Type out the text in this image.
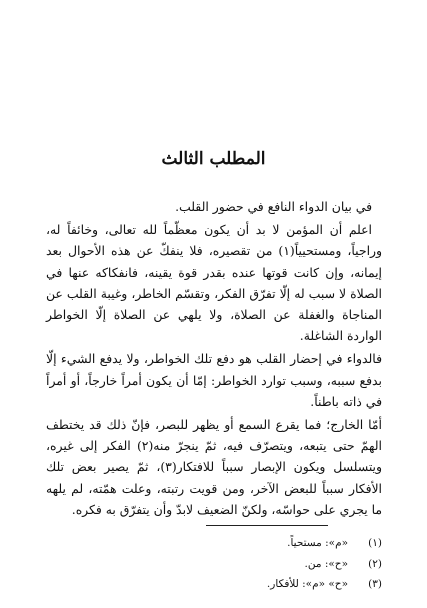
المطلب الثالث

في بيان الدواء النافع في حضور القلب.

اعلم أن المؤمن لا بد أن يكون معظّماً لله تعالى، وخائفاً له، وراجياً، ومستحيياً(١) من تقصيره، فلا ينفكّ عن هذه الأحوال بعد إيمانه، وإن كانت قوتها عنده بقدر قوة يقينه، فانفكاكه عنها في الصلاة لا سبب له إلّا تفرّق الفكر، وتقسّم الخاطر، وغيبة القلب عن المناجاة والغفلة عن الصلاة، ولا يلهي عن الصلاة إلّا الخواطر الواردة الشاغلة.

فالدواء في إحضار القلب هو دفع تلك الخواطر، ولا يدفع الشيء إلّا بدفع سببه، وسبب توارد الخواطر: إمّا أن يكون أمراً خارجاً، أو أمراً في ذاته باطناً.

أمّا الخارج؛ فما يقرع السمع أو يظهر للبصر، فإنّ ذلك قد يختطف الهمّ حتى يتبعه، ويتصرّف فيه، ثمّ ينجرّ منه(٢) الفكر إلى غيره، ويتسلسل ويكون الإبصار سبباً للافتكار(٣)، ثمّ يصير بعض تلك الأفكار سبباً للبعض الآخر، ومن قويت رتبته، وعلت همّته، لم يلهه ما يجري على حواسّه، ولكنّ الضعيف لابدّ وأن يتفرّق به فكره.

(١)
«م»: مستحياً.
(٢)
«ح»: من.
(٣)
«ح» «م»: للأفكار.
